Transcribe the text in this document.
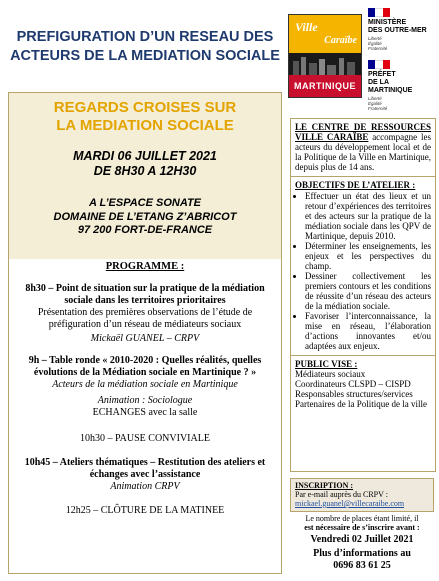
PREFIGURATION D’UN RESEAU DES
ACTEURS DE LA MEDIATION SOCIALE
Ville
Caraïbe
MARTINIQUE
MINISTÈRE
DES OUTRE-MER
Liberté
Égalité
Fraternité
PRÉFET
DE LA MARTINIQUE
Liberté
Égalité
Fraternité
REGARDS CROISES SUR
LA MEDIATION SOCIALE
MARDI 06 JUILLET 2021
DE 8H30 A 12H30
A L’ESPACE SONATE
DOMAINE DE L’ETANG Z’ABRICOT
97 200 FORT-DE-FRANCE
PROGRAMME :
8h30 – Point de situation sur la pratique de la médiation
sociale dans les territoires prioritaires
Présentation des premières observations de l’étude de
préfiguration d’un réseau de médiateurs sociaux
Mickaël GUANEL – CRPV
9h – Table ronde « 2010-2020 : Quelles réalités, quelles
évolutions de la Médiation sociale en Martinique ? »
Acteurs de la médiation sociale en Martinique
Animation : Sociologue
ECHANGES avec la salle
10h30 – PAUSE CONVIVIALE
10h45 – Ateliers thématiques – Restitution des ateliers et
échanges avec l’assistance
Animation CRPV
12h25 – CLÔTURE DE LA MATINEE
LE CENTRE DE RESSOURCES VILLE CARAÏBE accompagne les acteurs du développement local et de la Politique de la Ville en Martinique, depuis plus de 14 ans.
OBJECTIFS DE L’ATELIER :
• Effectuer un état des lieux et un retour d’expériences des territoires et des acteurs sur la pratique de la médiation sociale dans les QPV de Martinique, depuis 2010.
• Déterminer les enseignements, les enjeux et les perspectives du champ.
• Dessiner collectivement les premiers contours et les conditions de réussite d’un réseau des acteurs de la médiation sociale.
• Favoriser l’interconnaissance, la mise en réseau, l’élaboration d’actions innovantes et/ou adaptées aux enjeux.
PUBLIC VISE :
Médiateurs sociaux
Coordinateurs CLSPD – CISPD
Responsables structures/services
Partenaires de la Politique de la ville
INSCRIPTION :
Par e-mail auprès du CRPV :
mickael.guanel@villecaraibe.com
Le nombre de places étant limité, il
est nécessaire de s’inscrire avant :
Vendredi 02 Juillet 2021
Plus d’informations au
0696 83 61 25
